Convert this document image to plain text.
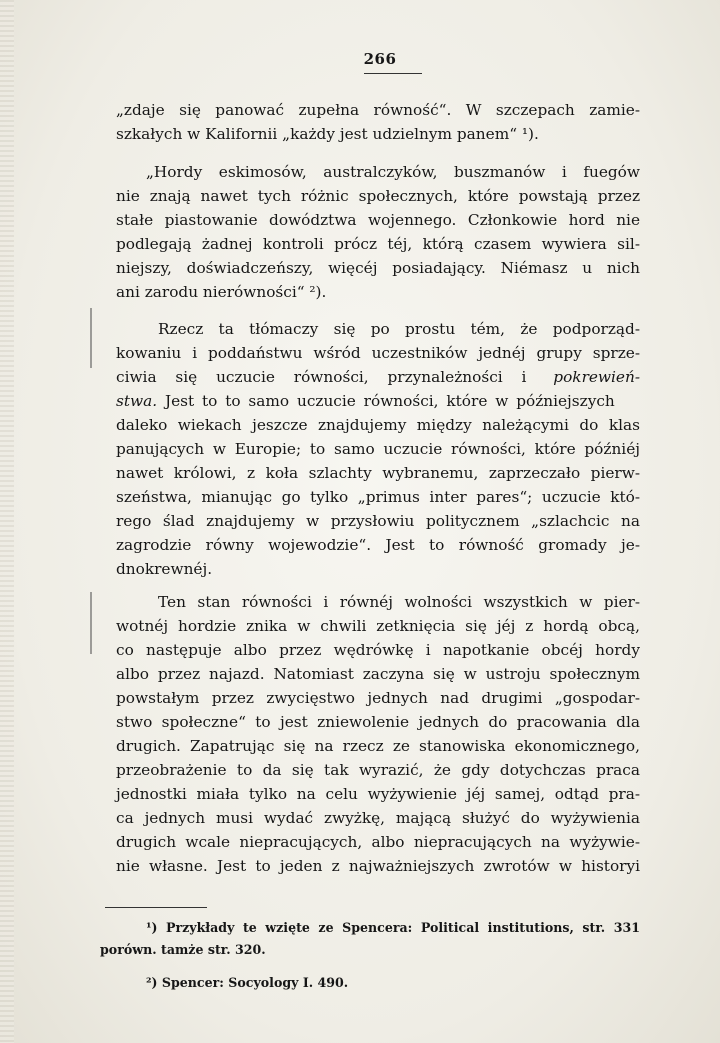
266
„zdaje się panować zupełna równość“. W szczepach zamie-
szkałych w Kalifornii „każdy jest udzielnym panem“ ¹).
„Hordy eskimosów, australczyków, buszmanów i fuegów
nie znają nawet tych różnic społecznych, które powstają przez
stałe piastowanie dowództwa wojennego. Członkowie hord nie
podlegają żadnej kontroli prócz téj, którą czasem wywiera sil-
niejszy, doświadczeńszy, więcéj posiadający. Niémasz u nich
ani zarodu nierówności“ ²).
Rzecz ta tłómaczy się po prostu tém, że podporząd-
kowaniu i poddaństwu wśród uczestników jednéj grupy sprze-
ciwia się uczucie równości, przynależności i pokrewień-
stwa. Jest to to samo uczucie równości, które w późniejszych
daleko wiekach jeszcze znajdujemy między należącymi do klas
panujących w Europie; to samo uczucie równości, które późniéj
nawet królowi, z koła szlachty wybranemu, zaprzeczało pierw-
szeństwa, mianując go tylko „primus inter pares“; uczucie któ-
rego ślad znajdujemy w przysłowiu politycznem „szlachcic na
zagrodzie równy wojewodzie“. Jest to równość gromady je-
dnokrewnéj.
Ten stan równości i równéj wolności wszystkich w pier-
wotnéj hordzie znika w chwili zetknięcia się jéj z hordą obcą,
co następuje albo przez wędrówkę i napotkanie obcéj hordy
albo przez najazd. Natomiast zaczyna się w ustroju społecznym
powstałym przez zwycięstwo jednych nad drugimi „gospodar-
stwo społeczne“ to jest zniewolenie jednych do pracowania dla
drugich. Zapatrując się na rzecz ze stanowiska ekonomicznego,
przeobrażenie to da się tak wyrazić, że gdy dotychczas praca
jednostki miała tylko na celu wyżywienie jéj samej, odtąd pra-
ca jednych musi wydać zwyżkę, mającą służyć do wyżywienia
drugich wcale niepracujących, albo niepracujących na wyżywie-
nie własne. Jest to jeden z najważniejszych zwrotów w historyi
¹) Przykłady te wzięte ze Spencera: Political institutions, str. 331
porówn. tamże str. 320.
²) Spencer: Socyology I. 490.
